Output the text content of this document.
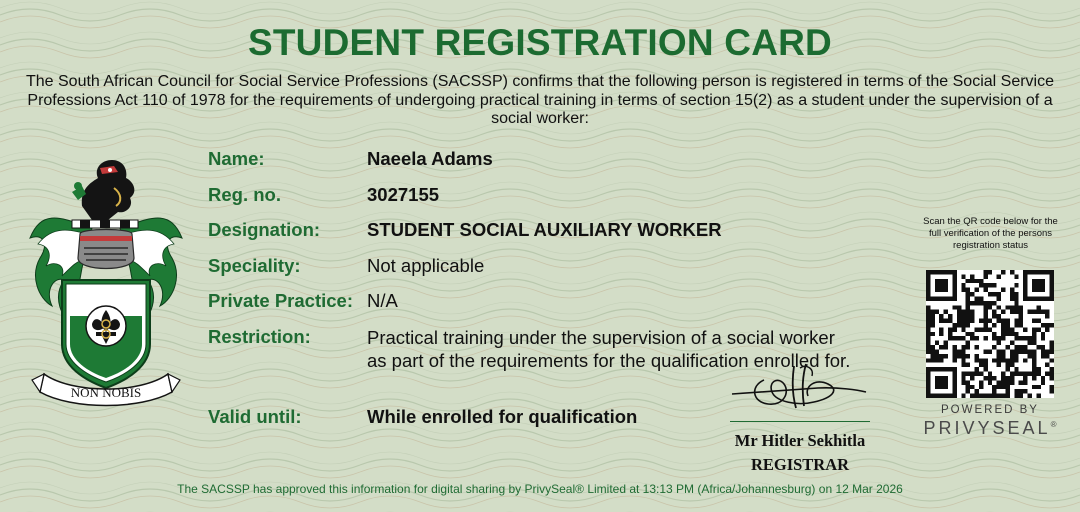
STUDENT REGISTRATION CARD
The South African Council for Social Service Professions (SACSSP) confirms that the following person is registered in terms of the Social Service Professions Act 110 of 1978 for the requirements of undergoing practical training in terms of section 15(2) as a student under the supervision of a social worker:
NON NOBIS
Name:	Naeela Adams
Reg. no.	3027155
Designation:	STUDENT SOCIAL AUXILIARY WORKER
Speciality:	Not applicable
Private Practice: N/A
Restriction:	Practical training under the supervision of a social worker
as part of the requirements for the qualification enrolled for.
Valid until:	While enrolled for qualification
Mr Hitler Sekhitla
REGISTRAR
Scan the QR code below for the full verification of the persons registration status
POWERED BY
PRIVYSEAL®
The SACSSP has approved this information for digital sharing by PrivySeal® Limited at 13:13 PM (Africa/Johannesburg) on 12 Mar 2026
